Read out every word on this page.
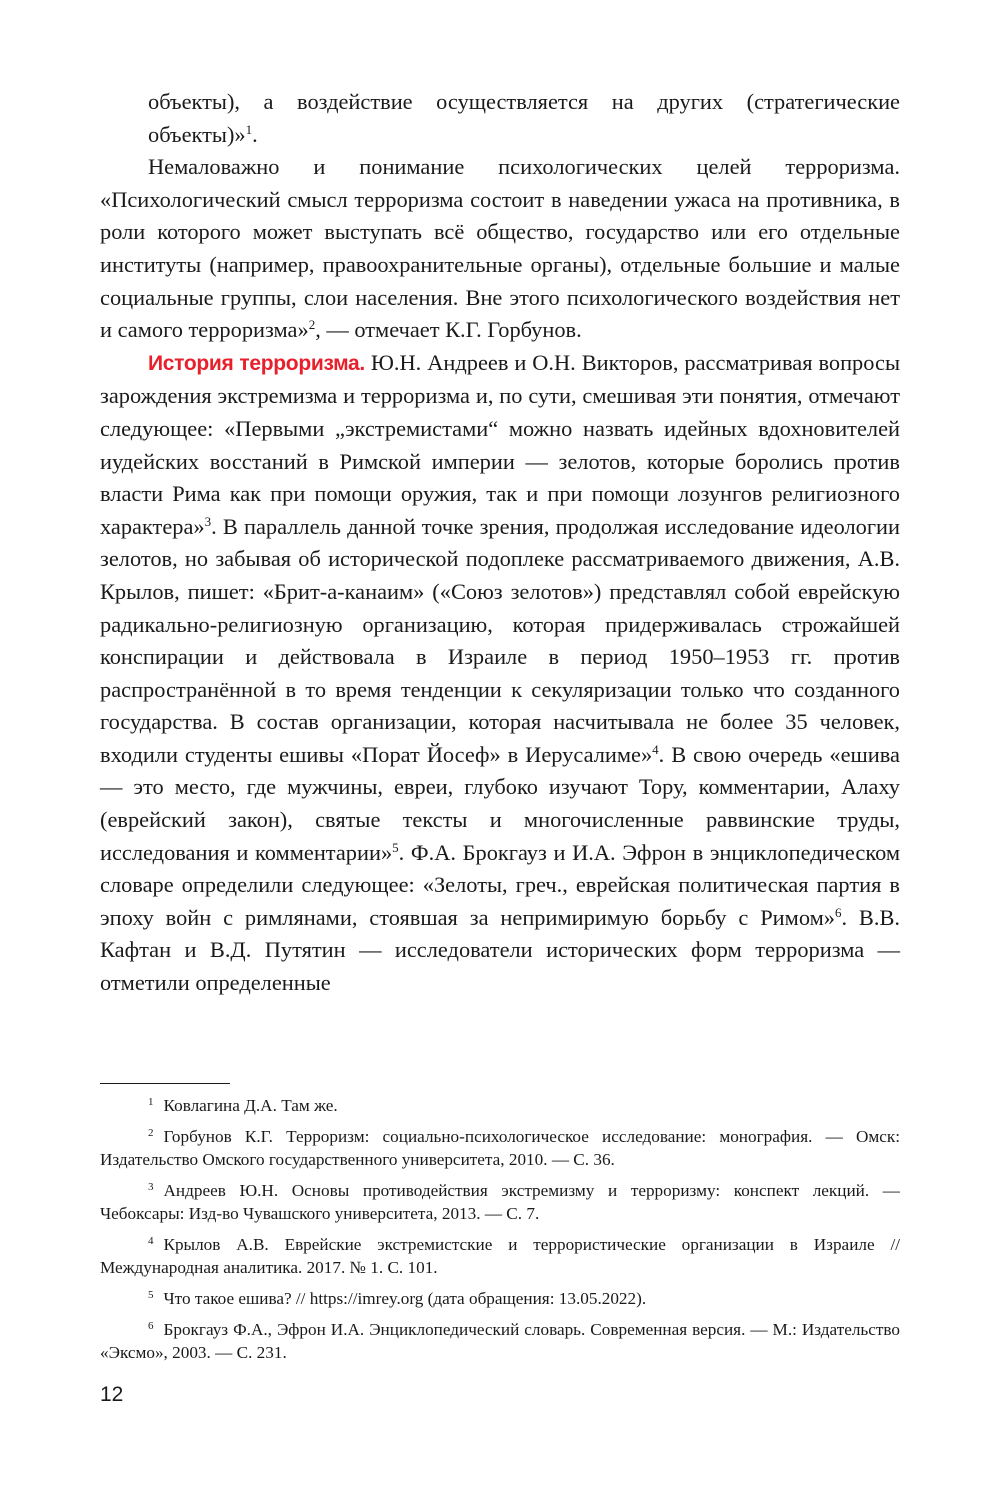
объекты), а воздействие осуществляется на других (стратегические объекты)»$^1$.

Немаловажно и понимание психологических целей терроризма. «Психологический смысл терроризма состоит в наведении ужаса на противника, в роли которого может выступать всё общество, государство или его отдельные институты (например, правоохранительные органы), отдельные большие и малые социальные группы, слои населения. Вне этого психологического воздействия нет и самого терроризма»$^2$, — отмечает К.Г. Горбунов.

История терроризма. Ю.Н. Андреев и О.Н. Викторов, рассматривая вопросы зарождения экстремизма и терроризма и, по сути, смешивая эти понятия, отмечают следующее: «Первыми „экстремистами“ можно назвать идейных вдохновителей иудейских восстаний в Римской империи — зелотов, которые боролись против власти Рима как при помощи оружия, так и при помощи лозунгов религиозного характера»$^3$. В параллель данной точке зрения, продолжая исследование идеологии зелотов, но забывая об исторической подоплеке рассматриваемого движения, А.В. Крылов, пишет: «Брит-а-канаим» («Союз зелотов») представлял собой еврейскую радикально-религиозную организацию, которая придерживалась строжайшей конспирации и действовала в Израиле в период 1950–1953 гг. против распространённой в то время тенденции к секуляризации только что созданного государства. В состав организации, которая насчитывала не более 35 человек, входили студенты ешивы «Порат Йосеф» в Иерусалиме»$^4$. В свою очередь «ешива — это место, где мужчины, евреи, глубоко изучают Тору, комментарии, Алаху (еврейский закон), святые тексты и многочисленные раввинские труды, исследования и комментарии»$^5$. Ф.А. Брокгауз и И.А. Эфрон в энциклопедическом словаре определили следующее: «Зелоты, греч., еврейская политическая партия в эпоху войн с римлянами, стоявшая за непримиримую борьбу с Римом»$^6$. В.В. Кафтан и В.Д. Путятин — исследователи исторических форм терроризма — отметили определенные

$^1$ Ковлагина Д.А. Там же.

$^2$ Горбунов К.Г. Терроризм: социально-психологическое исследование: монография. — Омск: Издательство Омского государственного университета, 2010. — С. 36.

$^3$ Андреев Ю.Н. Основы противодействия экстремизму и терроризму: конспект лекций. — Чебоксары: Изд-во Чувашского университета, 2013. — С. 7.

$^4$ Крылов А.В. Еврейские экстремистские и террористические организации в Израиле // Международная аналитика. 2017. № 1. С. 101.

$^5$ Что такое ешива? // https://imrey.org (дата обращения: 13.05.2022).

$^6$ Брокгауз Ф.А., Эфрон И.А. Энциклопедический словарь. Современная версия. — М.: Издательство «Эксмо», 2003. — С. 231.

12
